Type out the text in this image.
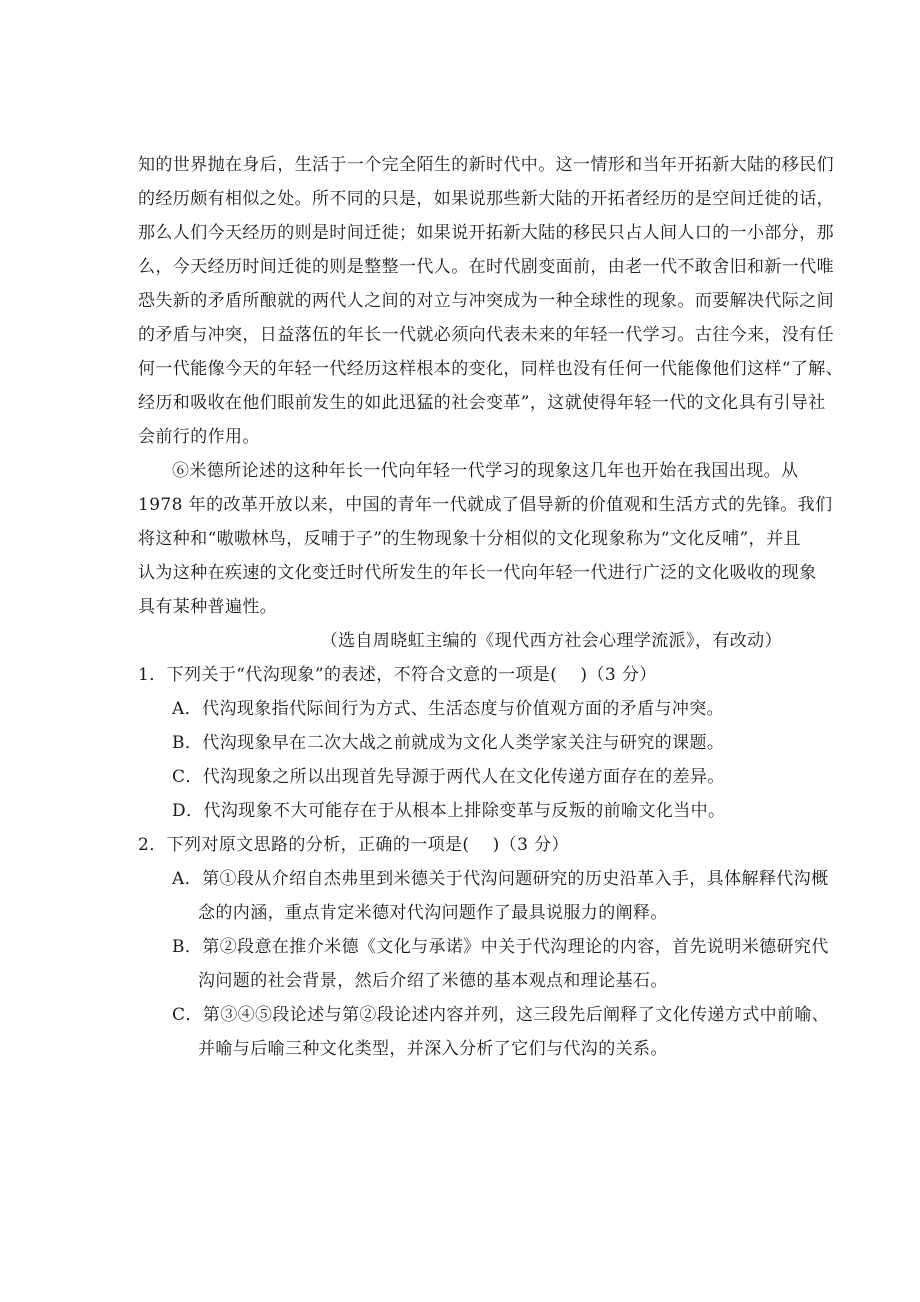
知的世界抛在身后，生活于一个完全陌生的新时代中。这一情形和当年开拓新大陆的移民们
的经历颇有相似之处。所不同的只是，如果说那些新大陆的开拓者经历的是空间迁徙的话，
那么人们今天经历的则是时间迁徙；如果说开拓新大陆的移民只占人间人口的一小部分，那
么，今天经历时间迁徙的则是整整一代人。在时代剧变面前，由老一代不敢舍旧和新一代唯
恐失新的矛盾所酿就的两代人之间的对立与冲突成为一种全球性的现象。而要解决代际之间
的矛盾与冲突，日益落伍的年长一代就必须向代表未来的年轻一代学习。古往今来，没有任
何一代能像今天的年轻一代经历这样根本的变化，同样也没有任何一代能像他们这样“了解、
经历和吸收在他们眼前发生的如此迅猛的社会变革”，这就使得年轻一代的文化具有引导社
会前行的作用。
⑥米德所论述的这种年长一代向年轻一代学习的现象这几年也开始在我国出现。从
1978 年的改革开放以来，中国的青年一代就成了倡导新的价值观和生活方式的先锋。我们
将这种和“嗷嗷林鸟，反哺于子”的生物现象十分相似的文化现象称为“文化反哺”，并且
认为这种在疾速的文化变迁时代所发生的年长一代向年轻一代进行广泛的文化吸收的现象
具有某种普遍性。
（选自周晓虹主编的《现代西方社会心理学流派》，有改动）
1．下列关于“代沟现象”的表述，不符合文意的一项是(　 )（3 分）
A．代沟现象指代际间行为方式、生活态度与价值观方面的矛盾与冲突。
B．代沟现象早在二次大战之前就成为文化人类学家关注与研究的课题。
C．代沟现象之所以出现首先导源于两代人在文化传递方面存在的差异。
D．代沟现象不大可能存在于从根本上排除变革与反叛的前喻文化当中。
2．下列对原文思路的分析，正确的一项是(　 )（3 分）
A．第①段从介绍自杰弗里到米德关于代沟问题研究的历史沿革入手，具体解释代沟概
念的内涵，重点肯定米德对代沟问题作了最具说服力的阐释。
B．第②段意在推介米德《文化与承诺》中关于代沟理论的内容，首先说明米德研究代
沟问题的社会背景，然后介绍了米德的基本观点和理论基石。
C．第③④⑤段论述与第②段论述内容并列，这三段先后阐释了文化传递方式中前喻、
并喻与后喻三种文化类型，并深入分析了它们与代沟的关系。
